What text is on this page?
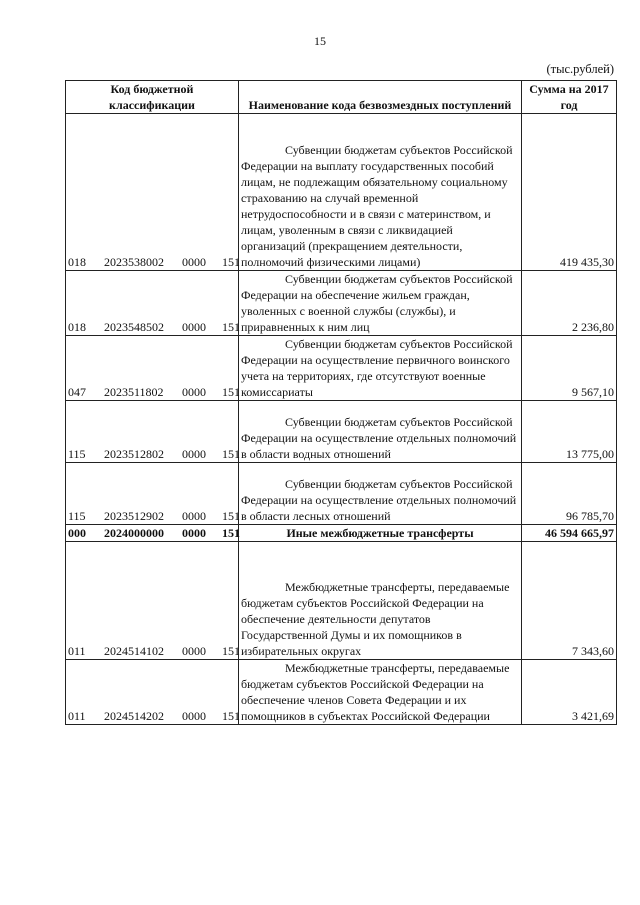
15
(тыс.рублей)
Код бюджетной классификации	Наименование кода безвозмездных поступлений	Сумма на 2017 год
018 2023538002 0000 151	Субвенции бюджетам субъектов Российской Федерации на выплату государственных пособий лицам, не подлежащим обязательному социальному страхованию на случай временной нетрудоспособности и в связи с материнством, и лицам, уволенным в связи с ликвидацией организаций (прекращением деятельности, полномочий физическими лицами)	419 435,30
018 2023548502 0000 151	Субвенции бюджетам субъектов Российской Федерации на обеспечение жильем граждан, уволенных с военной службы (службы), и приравненных к ним лиц	2 236,80
047 2023511802 0000 151	Субвенции бюджетам субъектов Российской Федерации на осуществление первичного воинского учета на территориях, где отсутствуют военные комиссариаты	9 567,10
115 2023512802 0000 151	Субвенции бюджетам субъектов Российской Федерации на осуществление отдельных полномочий в области водных отношений	13 775,00
115 2023512902 0000 151	Субвенции бюджетам субъектов Российской Федерации на осуществление отдельных полномочий в области лесных отношений	96 785,70
000 2024000000 0000 151	Иные межбюджетные трансферты	46 594 665,97
011 2024514102 0000 151	Межбюджетные трансферты, передаваемые бюджетам субъектов Российской Федерации на обеспечение деятельности депутатов Государственной Думы и их помощников в избирательных округах	7 343,60
011 2024514202 0000 151	Межбюджетные трансферты, передаваемые бюджетам субъектов Российской Федерации на обеспечение членов Совета Федерации и их помощников в субъектах Российской Федерации	3 421,69
